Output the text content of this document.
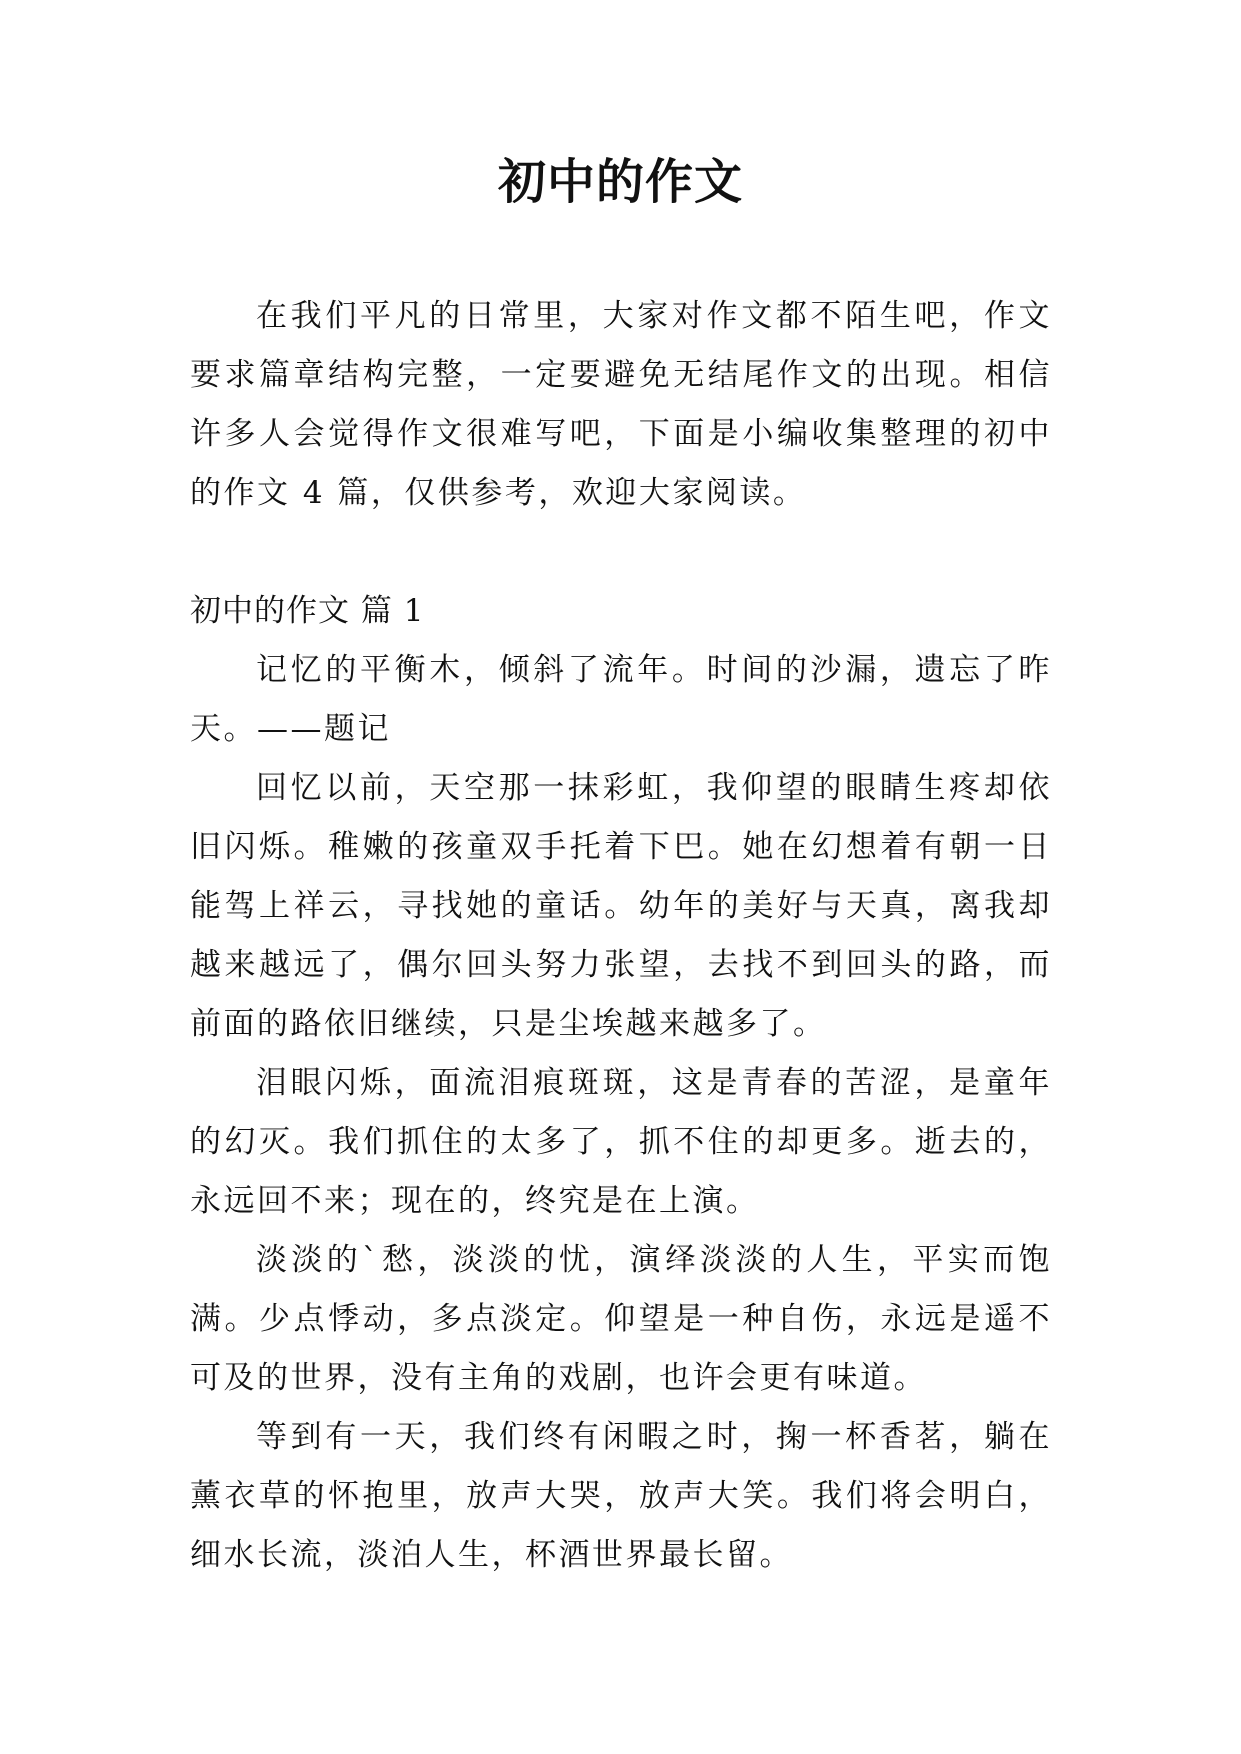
初中的作文

在我们平凡的日常里，大家对作文都不陌生吧，作文要求篇章结构完整，一定要避免无结尾作文的出现。相信许多人会觉得作文很难写吧，下面是小编收集整理的初中的作文 4 篇，仅供参考，欢迎大家阅读。

初中的作文 篇 1

记忆的平衡木，倾斜了流年。时间的沙漏，遗忘了昨天。——题记

回忆以前，天空那一抹彩虹，我仰望的眼睛生疼却依旧闪烁。稚嫩的孩童双手托着下巴。她在幻想着有朝一日能驾上祥云，寻找她的童话。幼年的美好与天真，离我却越来越远了，偶尔回头努力张望，去找不到回头的路，而前面的路依旧继续，只是尘埃越来越多了。

泪眼闪烁，面流泪痕斑斑，这是青春的苦涩，是童年的幻灭。我们抓住的太多了，抓不住的却更多。逝去的，永远回不来；现在的，终究是在上演。

淡淡的`愁，淡淡的忧，演绎淡淡的人生，平实而饱满。少点悸动，多点淡定。仰望是一种自伤，永远是遥不可及的世界，没有主角的戏剧，也许会更有味道。

等到有一天，我们终有闲暇之时，掬一杯香茗，躺在薰衣草的怀抱里，放声大哭，放声大笑。我们将会明白，细水长流，淡泊人生，杯酒世界最长留。
